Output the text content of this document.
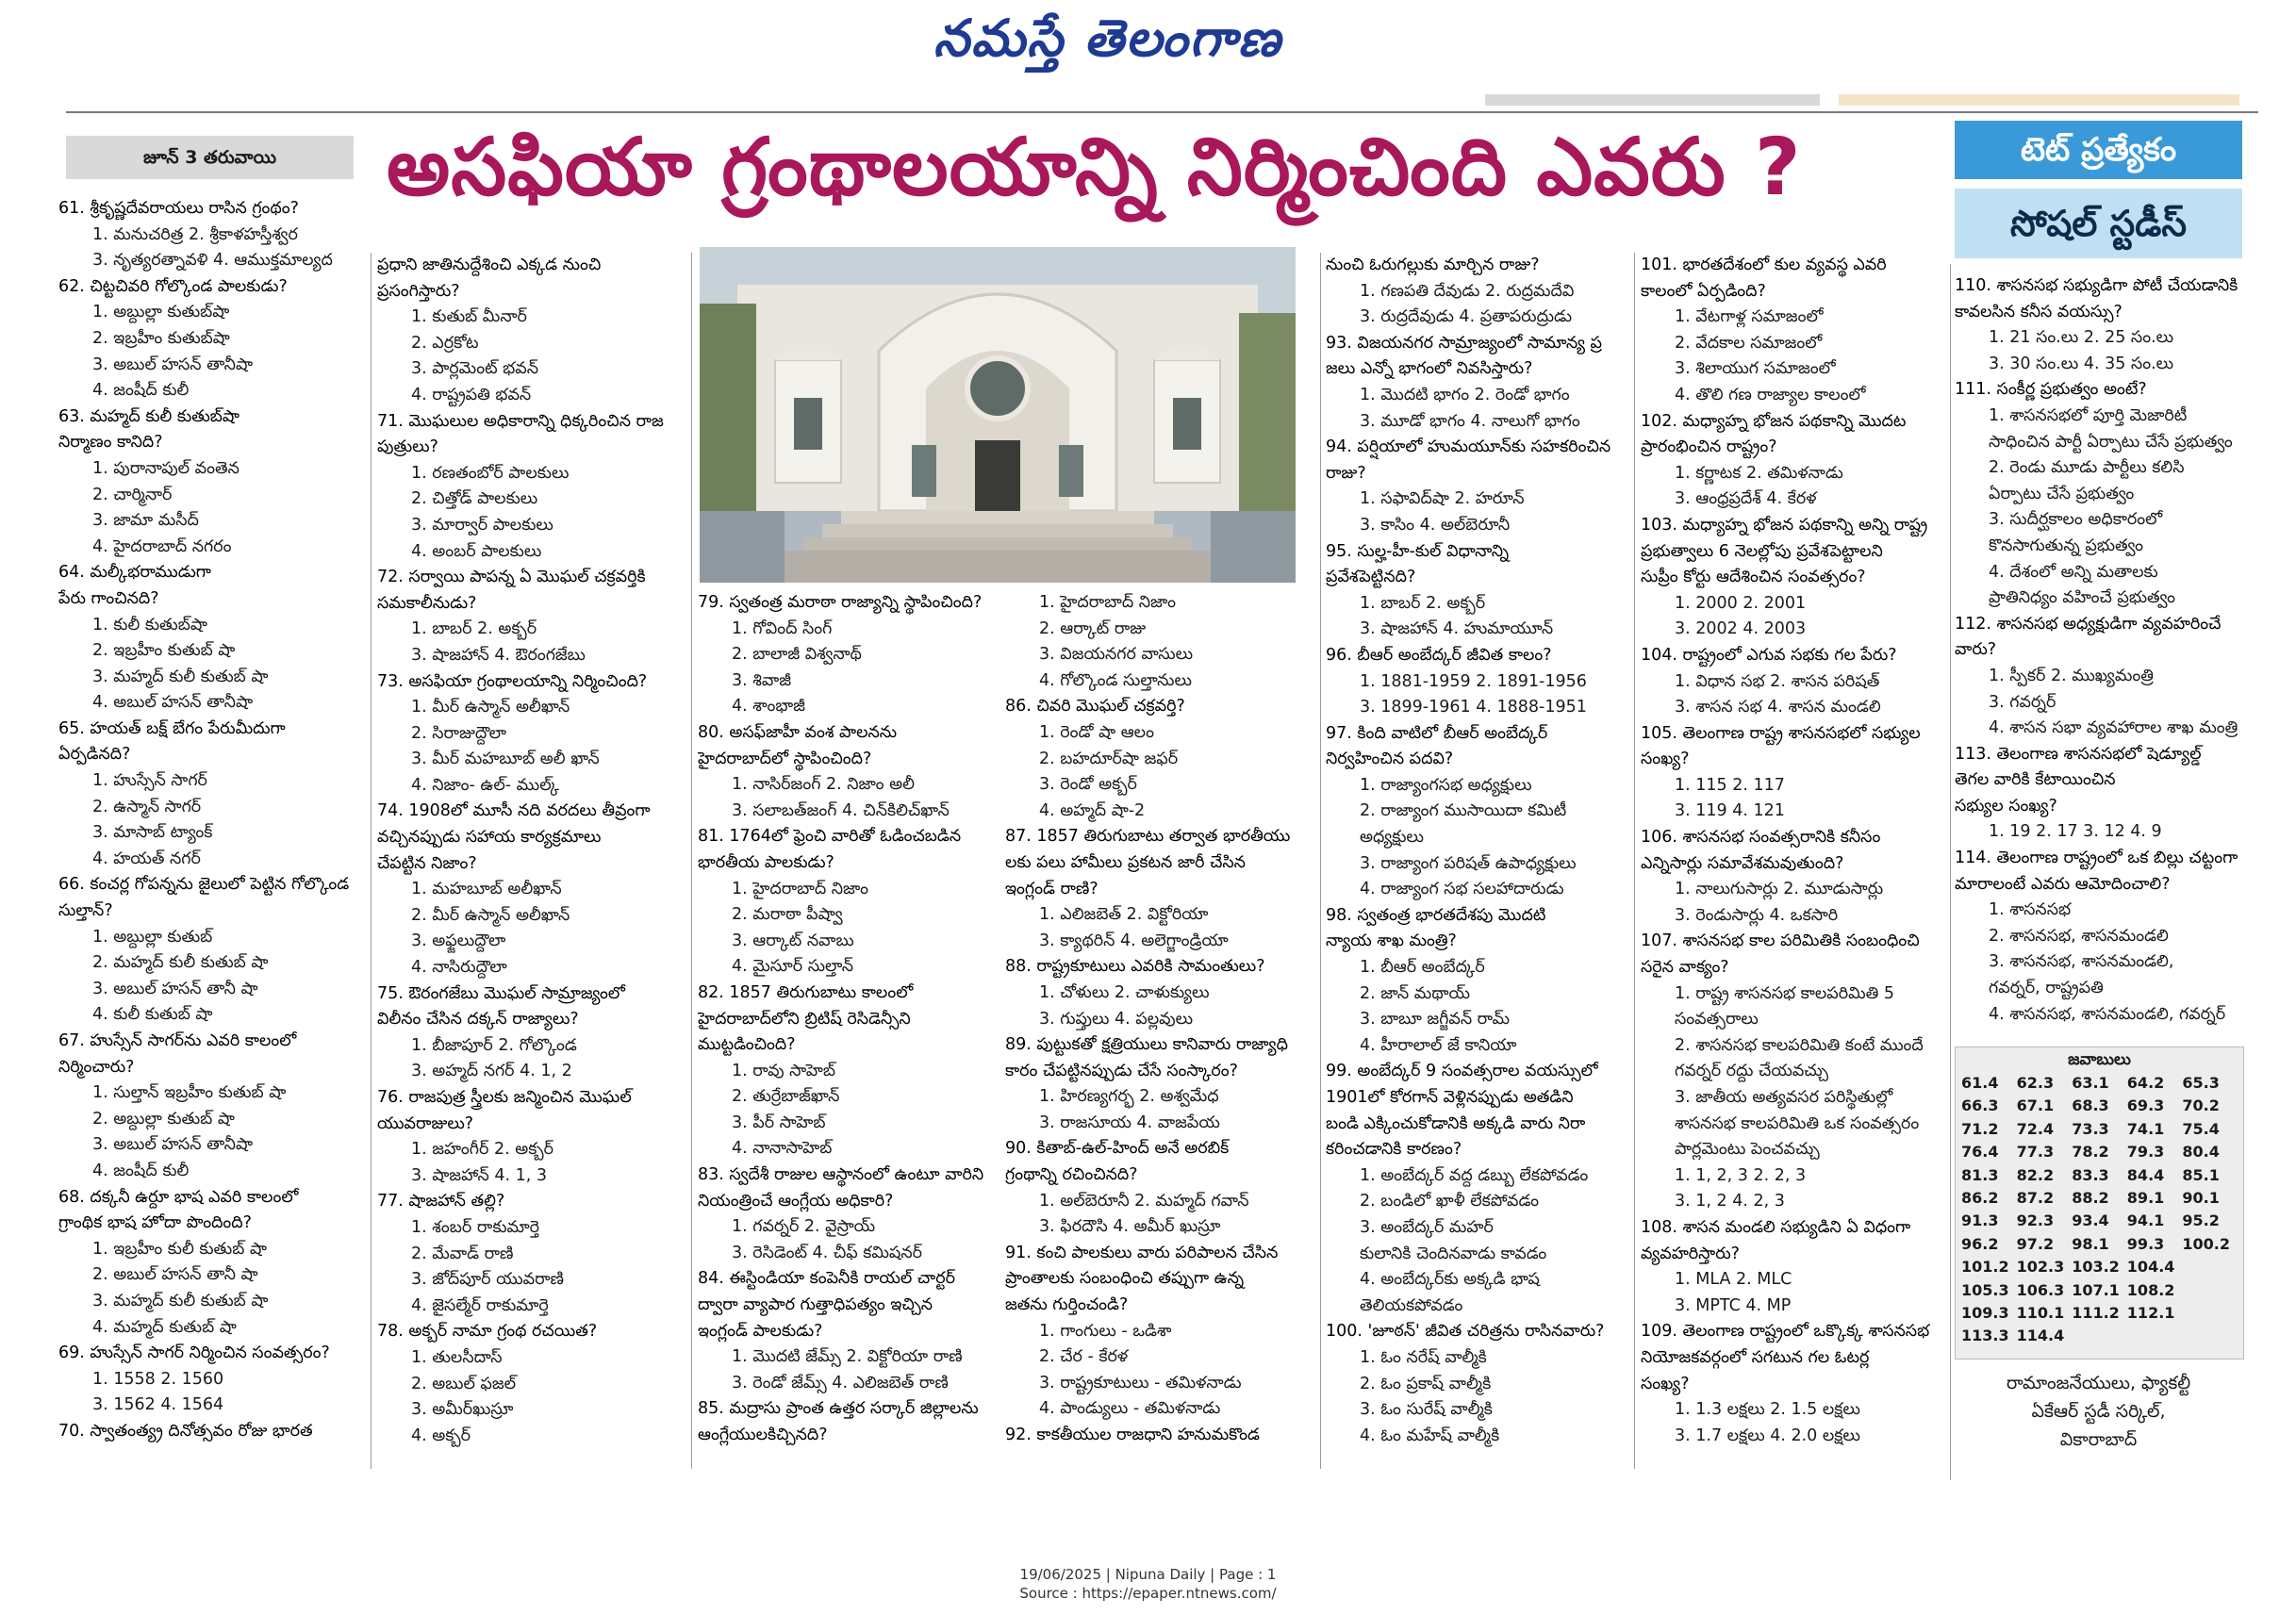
నమస్తే తెలంగాణ
జూన్ 3 తరువాయి	అసఫియా గ్రంథాలయాన్ని నిర్మించింది ఎవరు ?	టెట్ ప్రత్యేకం
సోషల్ స్టడీస్
61. శ్రీకృష్ణదేవరాయలు రాసిన గ్రంథం?
1. మనుచరిత్ర 2. శ్రీకాళహస్తీశ్వర
3. నృత్యరత్నావళి 4. ఆముక్తమాల్యద
62. చిట్టచివరి గోల్కొండ పాలకుడు?
1. అబ్దుల్లా కుతుబ్‌షా
2. ఇబ్రహీం కుతుబ్‌షా
3. అబుల్ హసన్ తానీషా
4. జంషీద్ కులీ
63. మహ్మద్ కులీ కుతుబ్‌షా
నిర్మాణం కానిది?
1. పురానాపుల్ వంతెన
2. చార్మినార్
3. జామా మసీద్
4. హైదరాబాద్ నగరం
64. మల్కీభరాముడుగా
పేరు గాంచినది?
1. కులీ కుతుబ్‌షా
2. ఇబ్రహీం కుతుబ్ షా
3. మహ్మద్ కులీ కుతుబ్ షా
4. అబుల్ హసన్ తానీషా
65. హయత్ బక్ష్ బేగం పేరుమీదుగా
ఏర్పడినది?
1. హుస్సేన్ సాగర్
2. ఉస్మాన్ సాగర్
3. మాసాబ్ ట్యాంక్
4. హయత్ నగర్
66. కంచర్ల గోపన్నను జైలులో పెట్టిన గోల్కొండ
సుల్తాన్?
1. అబ్దుల్లా కుతుబ్
2. మహ్మద్ కులీ కుతుబ్ షా
3. అబుల్ హసన్ తానీ షా
4. కులీ కుతుబ్ షా
67. హుస్సేన్ సాగర్‌ను ఎవరి కాలంలో
నిర్మించారు?
1. సుల్తాన్ ఇబ్రహీం కుతుబ్ షా
2. అబ్దుల్లా కుతుబ్ షా
3. అబుల్ హసన్ తానీషా
4. జంషీద్ కులీ
68. దక్కనీ ఉర్దూ భాష ఎవరి కాలంలో
గ్రాంథిక భాష హోదా పొందింది?
1. ఇబ్రహీం కులీ కుతుబ్ షా
2. అబుల్ హసన్ తానీ షా
3. మహ్మద్ కులీ కుతుబ్ షా
4. మహ్మద్ కుతుబ్ షా
69. హుస్సేన్ సాగర్ నిర్మించిన సంవత్సరం?
1. 1558 2. 1560
3. 1562 4. 1564
70. స్వాతంత్య్ర దినోత్సవం రోజు భారత
ప్రధాని జాతినుద్దేశించి ఎక్కడ నుంచి
ప్రసంగిస్తారు?
1. కుతుబ్ మీనార్
2. ఎర్రకోట
3. పార్లమెంట్ భవన్
4. రాష్ట్రపతి భవన్
71. మొఘలుల అధికారాన్ని ధిక్కరించిన రాజ
పుత్రులు?
1. రణతంబోర్ పాలకులు
2. చిత్తోడ్ పాలకులు
3. మార్వార్ పాలకులు
4. అంబర్ పాలకులు
72. సర్వాయి పాపన్న ఏ మొఘల్ చక్రవర్తికి
సమకాలీనుడు?
1. బాబర్ 2. అక్బర్
3. షాజహాన్ 4. ఔరంగజేబు
73. అసఫియా గ్రంథాలయాన్ని నిర్మించింది?
1. మీర్ ఉస్మాన్ అలీఖాన్
2. సిరాజుద్దౌలా
3. మీర్ మహబూబ్ అలీ ఖాన్
4. నిజాం- ఉల్- ముల్క్
74. 1908లో మూసీ నది వరదలు తీవ్రంగా
వచ్చినప్పుడు సహాయ కార్యక్రమాలు
చేపట్టిన నిజాం?
1. మహబూబ్ అలీఖాన్
2. మీర్ ఉస్మాన్ అలీఖాన్
3. అఫ్జలుద్దౌలా
4. నాసిరుద్దౌలా
75. ఔరంగజేబు మొఘల్ సామ్రాజ్యంలో
విలీనం చేసిన దక్కన్ రాజ్యాలు?
1. బీజాపూర్ 2. గోల్కొండ
3. అహ్మద్ నగర్ 4. 1, 2
76. రాజపుత్ర స్త్రీలకు జన్మించిన మొఘల్
యువరాజులు?
1. జహంగీర్ 2. అక్బర్
3. షాజహాన్ 4. 1, 3
77. షాజహాన్ తల్లి?
1. శంబర్ రాకుమార్తె
2. మేవాడ్ రాణి
3. జోద్‌పూర్ యువరాణి
4. జైసల్మేర్ రాకుమార్తె
78. అక్బర్ నామా గ్రంథ రచయిత?
1. తులసీదాస్
2. అబుల్ ఫజల్
3. అమీర్‌ఖుస్రూ
4. అక్బర్
79. స్వతంత్ర మరాఠా రాజ్యాన్ని స్థాపించింది?
1. గోవింద్ సింగ్
2. బాలాజీ విశ్వనాథ్
3. శివాజీ
4. శాంభాజీ
80. అసఫ్‌జాహీ వంశ పాలనను
హైదరాబాద్‌లో స్థాపించింది?
1. నాసిర్‌జంగ్ 2. నిజాం అలీ
3. సలాబత్‌జంగ్ 4. చిన్‌కిలిచ్‌ఖాన్
81. 1764లో ఫ్రెంచి వారితో ఓడించబడిన
భారతీయ పాలకుడు?
1. హైదరాబాద్ నిజాం
2. మరాఠా పీష్వా
3. ఆర్కాట్ నవాబు
4. మైసూర్ సుల్తాన్
82. 1857 తిరుగుబాటు కాలంలో
హైదరాబాద్‌లోని బ్రిటిష్ రెసిడెన్సీని
ముట్టడించింది?
1. రావు సాహెబ్
2. తుర్రేబాజ్‌ఖాన్
3. పీర్ సాహెబ్
4. నానాసాహెబ్
83. స్వదేశీ రాజుల ఆస్థానంలో ఉంటూ వారిని
నియంత్రించే ఆంగ్లేయ అధికారి?
1. గవర్నర్ 2. వైస్రాయ్
3. రెసిడెంట్ 4. చీఫ్ కమిషనర్
84. ఈస్టిండియా కంపెనీకి రాయల్ చార్టర్
ద్వారా వ్యాపార గుత్తాధిపత్యం ఇచ్చిన
ఇంగ్లండ్ పాలకుడు?
1. మొదటి జేమ్స్ 2. విక్టోరియా రాణి
3. రెండో జేమ్స్ 4. ఎలిజబెత్ రాణి
85. మద్రాసు ప్రాంత ఉత్తర సర్కార్ జిల్లాలను
ఆంగ్లేయులకిచ్చినది?
1. హైదరాబాద్ నిజాం
2. ఆర్కాట్ రాజు
3. విజయనగర వాసులు
4. గోల్కొండ సుల్తానులు
86. చివరి మొఘల్ చక్రవర్తి?
1. రెండో షా ఆలం
2. బహదూర్‌షా జఫర్
3. రెండో అక్బర్
4. అహ్మద్ షా-2
87. 1857 తిరుగుబాటు తర్వాత భారతీయు
లకు పలు హామీలు ప్రకటన జారీ చేసిన
ఇంగ్లండ్ రాణి?
1. ఎలిజబెత్ 2. విక్టోరియా
3. క్యాథరిన్ 4. అలెగ్జాండ్రియా
88. రాష్ట్రకూటులు ఎవరికి సామంతులు?
1. చోళులు 2. చాళుక్యులు
3. గుప్తులు 4. పల్లవులు
89. పుట్టుకతో క్షత్రియులు కానివారు రాజ్యాధి
కారం చేపట్టినప్పుడు చేసే సంస్కారం?
1. హిరణ్యగర్భ 2. అశ్వమేధ
3. రాజసూయ 4. వాజపేయ
90. కితాబ్-ఉల్-హింద్ అనే అరబిక్
గ్రంథాన్ని రచించినది?
1. అల్‌బెరూనీ 2. మహ్మద్ గవాన్
3. ఫిరదౌసి 4. అమీర్ ఖుస్రూ
91. కంచి పాలకులు వారు పరిపాలన చేసిన
ప్రాంతాలకు సంబంధించి తప్పుగా ఉన్న
జతను గుర్తించండి?
1. గాంగులు - ఒడిశా
2. చేర - కేరళ
3. రాష్ట్రకూటులు - తమిళనాడు
4. పాండ్యులు - తమిళనాడు
92. కాకతీయుల రాజధాని హనుమకొండ
నుంచి ఓరుగల్లుకు మార్చిన రాజు?
1. గణపతి దేవుడు 2. రుద్రమదేవి
3. రుద్రదేవుడు 4. ప్రతాపరుద్రుడు
93. విజయనగర సామ్రాజ్యంలో సామాన్య ప్ర
జలు ఎన్నో భాగంలో నివసిస్తారు?
1. మొదటి భాగం 2. రెండో భాగం
3. మూడో భాగం 4. నాలుగో భాగం
94. పర్షియాలో హుమయూన్‌కు సహకరించిన
రాజు?
1. సఫావిద్‌షా 2. హరూన్
3. కాసిం 4. అల్‌బెరూనీ
95. సుల్హ-హీ-కుల్ విధానాన్ని
ప్రవేశపెట్టినది?
1. బాబర్ 2. అక్బర్
3. షాజహాన్ 4. హుమాయూన్
96. బీఆర్ అంబేద్కర్ జీవిత కాలం?
1. 1881-1959 2. 1891-1956
3. 1899-1961 4. 1888-1951
97. కింది వాటిలో బీఆర్ అంబేద్కర్
నిర్వహించిన పదవి?
1. రాజ్యాంగసభ అధ్యక్షులు
2. రాజ్యాంగ ముసాయిదా కమిటీ
అధ్యక్షులు
3. రాజ్యాంగ పరిషత్ ఉపాధ్యక్షులు
4. రాజ్యాంగ సభ సలహాదారుడు
98. స్వతంత్ర భారతదేశపు మొదటి
న్యాయ శాఖ మంత్రి?
1. బీఆర్ అంబేద్కర్
2. జాన్ మథాయ్
3. బాబూ జగ్జీవన్ రామ్
4. హీరాలాల్ జే కానియా
99. అంబేద్కర్ 9 సంవత్సరాల వయస్సులో
1901లో కోరగాన్ వెళ్లినప్పుడు అతడిని
బండి ఎక్కించుకోడానికి అక్కడి వారు నిరా
కరించడానికి కారణం?
1. అంబేద్కర్ వద్ద డబ్బు లేకపోవడం
2. బండిలో ఖాళీ లేకపోవడం
3. అంబేద్కర్ మహర్
కులానికి చెందినవాడు కావడం
4. అంబేద్కర్‌కు అక్కడి భాష
తెలియకపోవడం
100. 'జూఠన్' జీవిత చరిత్రను రాసినవారు?
1. ఓం నరేష్ వాల్మీకి
2. ఓం ప్రకాష్ వాల్మీకి
3. ఓం సురేష్ వాల్మీకి
4. ఓం మహేష్ వాల్మీకి
101. భారతదేశంలో కుల వ్యవస్థ ఎవరి
కాలంలో ఏర్పడింది?
1. వేటగాళ్ల సమాజంలో
2. వేదకాల సమాజంలో
3. శిలాయుగ సమాజంలో
4. తొలి గణ రాజ్యాల కాలంలో
102. మధ్యాహ్న భోజన పథకాన్ని మొదట
ప్రారంభించిన రాష్ట్రం?
1. కర్ణాటక 2. తమిళనాడు
3. ఆంధ్రప్రదేశ్ 4. కేరళ
103. మధ్యాహ్న భోజన పథకాన్ని అన్ని రాష్ట్ర
ప్రభుత్వాలు 6 నెలల్లోపు ప్రవేశపెట్టాలని
సుప్రీం కోర్టు ఆదేశించిన సంవత్సరం?
1. 2000 2. 2001
3. 2002 4. 2003
104. రాష్ట్రంలో ఎగువ సభకు గల పేరు?
1. విధాన సభ 2. శాసన పరిషత్
3. శాసన సభ 4. శాసన మండలి
105. తెలంగాణ రాష్ట్ర శాసనసభలో సభ్యుల
సంఖ్య?
1. 115 2. 117
3. 119 4. 121
106. శాసనసభ సంవత్సరానికి కనీసం
ఎన్నిసార్లు సమావేశమవుతుంది?
1. నాలుగుసార్లు 2. మూడుసార్లు
3. రెండుసార్లు 4. ఒకసారి
107. శాసనసభ కాల పరిమితికి సంబంధించి
సరైన వాక్యం?
1. రాష్ట్ర శాసనసభ కాలపరిమితి 5
సంవత్సరాలు
2. శాసనసభ కాలపరిమితి కంటే ముందే
గవర్నర్ రద్దు చేయవచ్చు
3. జాతీయ అత్యవసర పరిస్థితుల్లో
శాసనసభ కాలపరిమితి ఒక సంవత్సరం
పార్లమెంటు పెంచవచ్చు
1. 1, 2, 3 2. 2, 3
3. 1, 2 4. 2, 3
108. శాసన మండలి సభ్యుడిని ఏ విధంగా
వ్యవహరిస్తారు?
1. MLA 2. MLC
3. MPTC 4. MP
109. తెలంగాణ రాష్ట్రంలో ఒక్కొక్క శాసనసభ
నియోజకవర్గంలో సగటున గల ఓటర్ల
సంఖ్య?
1. 1.3 లక్షలు 2. 1.5 లక్షలు
3. 1.7 లక్షలు 4. 2.0 లక్షలు
110. శాసనసభ సభ్యుడిగా పోటీ చేయడానికి
కావలసిన కనీస వయస్సు?
1. 21 సం.లు 2. 25 సం.లు
3. 30 సం.లు 4. 35 సం.లు
111. సంకీర్ణ ప్రభుత్వం అంటే?
1. శాసనసభలో పూర్తి మెజారిటీ
సాధించిన పార్టీ ఏర్పాటు చేసే ప్రభుత్వం
2. రెండు మూడు పార్టీలు కలిసి
ఏర్పాటు చేసే ప్రభుత్వం
3. సుదీర్ఘకాలం అధికారంలో
కొనసాగుతున్న ప్రభుత్వం
4. దేశంలో అన్ని మతాలకు
ప్రాతినిధ్యం వహించే ప్రభుత్వం
112. శాసనసభ అధ్యక్షుడిగా వ్యవహరించే
వారు?
1. స్పీకర్ 2. ముఖ్యమంత్రి
3. గవర్నర్
4. శాసన సభా వ్యవహారాల శాఖ మంత్రి
113. తెలంగాణ శాసనసభలో షెడ్యూల్డ్
తెగల వారికి కేటాయించిన
సభ్యుల సంఖ్య?
1. 19 2. 17 3. 12 4. 9
114. తెలంగాణ రాష్ట్రంలో ఒక బిల్లు చట్టంగా
మారాలంటే ఎవరు ఆమోదించాలి?
1. శాసనసభ
2. శాసనసభ, శాసనమండలి
3. శాసనసభ, శాసనమండలి,
గవర్నర్, రాష్ట్రపతి
4. శాసనసభ, శాసనమండలి, గవర్నర్
జవాబులు
61.4	62.3	63.1	64.2	65.3
66.3	67.1	68.3	69.3	70.2
71.2	72.4	73.3	74.1	75.4
76.4	77.3	78.2	79.3	80.4
81.3	82.2	83.3	84.4	85.1
86.2	87.2	88.2	89.1	90.1
91.3	92.3	93.4	94.1	95.2
96.2	97.2	98.1	99.3	100.2
101.2 102.3 103.2 104.4
105.3 106.3 107.1 108.2
109.3 110.1 111.2 112.1
113.3 114.4
రామాంజనేయులు, ఫ్యాకల్టీ
ఏకేఆర్ స్టడీ సర్కిల్,
వికారాబాద్
19/06/2025 | Nipuna Daily | Page : 1
Source : https://epaper.ntnews.com/
